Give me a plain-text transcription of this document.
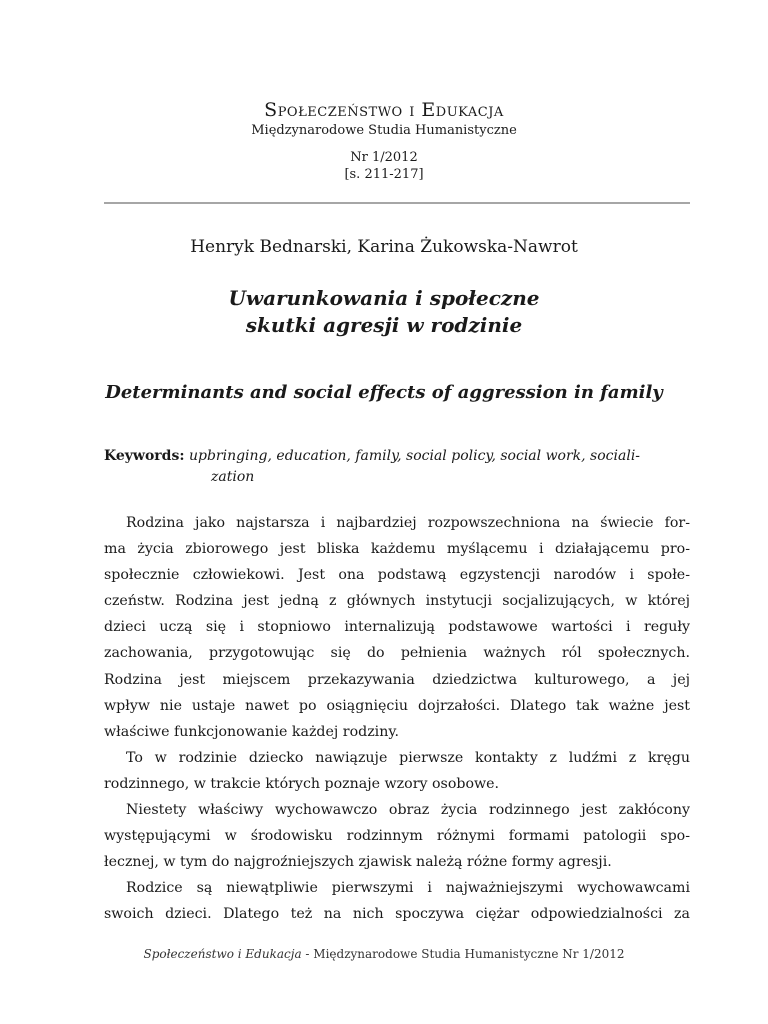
Społeczeństwo i Edukacja
Międzynarodowe Studia Humanistyczne
Nr 1/2012
[s. 211-217]
Henryk Bednarski, Karina Żukowska-Nawrot
Uwarunkowania i społeczne
skutki agresji w rodzinie
Determinants and social effects of aggression in family
Keywords: upbringing, education, family, social policy, social work, sociali-
zation
Rodzina jako najstarsza i najbardziej rozpowszechniona na świecie for-
ma życia zbiorowego jest bliska każdemu myślącemu i działającemu pro-
społecznie człowiekowi. Jest ona podstawą egzystencji narodów i społe-
czeństw. Rodzina jest jedną z głównych instytucji socjalizujących, w której
dzieci uczą się i stopniowo internalizują podstawowe wartości i reguły
zachowania, przygotowując się do pełnienia ważnych ról społecznych.
Rodzina jest miejscem przekazywania dziedzictwa kulturowego, a jej
wpływ nie ustaje nawet po osiągnięciu dojrzałości. Dlatego tak ważne jest
właściwe funkcjonowanie każdej rodziny.
To w rodzinie dziecko nawiązuje pierwsze kontakty z ludźmi z kręgu
rodzinnego, w trakcie których poznaje wzory osobowe.
Niestety właściwy wychowawczo obraz życia rodzinnego jest zakłócony
występującymi w środowisku rodzinnym różnymi formami patologii spo-
łecznej, w tym do najgroźniejszych zjawisk należą różne formy agresji.
Rodzice są niewątpliwie pierwszymi i najważniejszymi wychowawcami
swoich dzieci. Dlatego też na nich spoczywa ciężar odpowiedzialności za
Społeczeństwo i Edukacja - Międzynarodowe Studia Humanistyczne Nr 1/2012
